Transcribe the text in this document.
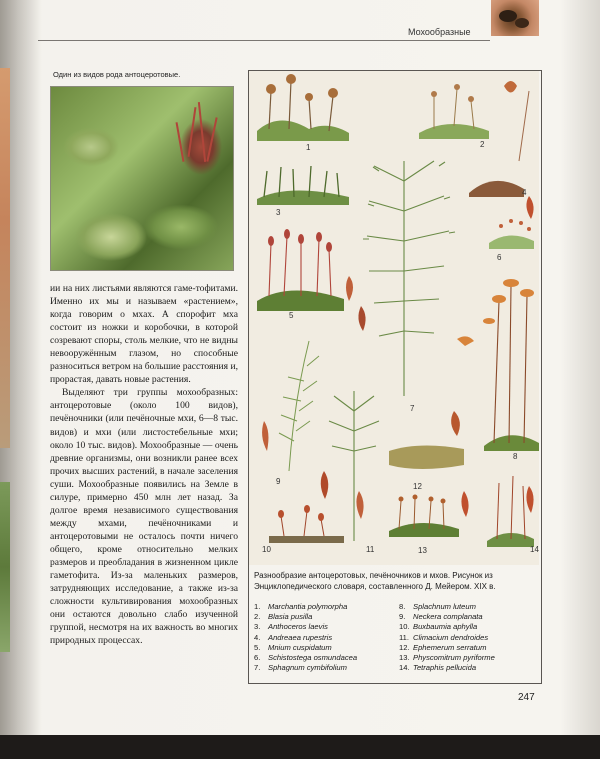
Мохообразные
Один из видов рода антоцеротовые.

ии на них листьями являются гаме-тофитами. Именно их мы и называем «растением», когда говорим о мхах. А спорофит мха состоит из ножки и коробочки, в которой созревают споры, столь мелкие, что не видны невооружённым глазом, но способные разноситься ветром на большие расстояния и, прорастая, давать новые растения.

Выделяют три группы мохообразных: антоцеротовые (около 100 видов), печёночники (или печёночные мхи, 6—8 тыс. видов) и мхи (или листостебельные мхи; около 10 тыс. видов). Мохообразные — очень древние организмы, они возникли ранее всех прочих высших растений, в начале заселения суши. Мохообразные появились на Земле в силуре, примерно 450 млн лет назад. За долгое время независимого существования между мхами, печёночниками и антоцеротовыми не осталось почти ничего общего, кроме относительно мелких размеров и преобладания в жизненном цикле гаметофита. Из-за маленьких размеров, затрудняющих исследование, а также из-за сложности культивирования мохообразных они остаются довольно слабо изученной группой, несмотря на их важность во многих природных процессах.

1	2
3
4
5
6
7
8
9
10	11
12
13	14
Разнообразие антоцеротовых, печёночников и мхов. Рисунок из Энциклопедического словаря, составленного Д. Мейером. XIX в.
1. Marchantia polymorpha
2. Blasia pusilla
3. Anthoceros laevis
4. Andreaea rupestris
5. Mnium cuspidatum
6. Schistostega osmundacea
7. Sphagnum cymbifolium
8. Splachnum luteum
9. Neckera complanata
10. Buxbaumia aphylla
11. Climacium dendroides
12. Ephemerum serratum
13. Physcomitrum pyriforme
14. Tetraphis pellucida
247
